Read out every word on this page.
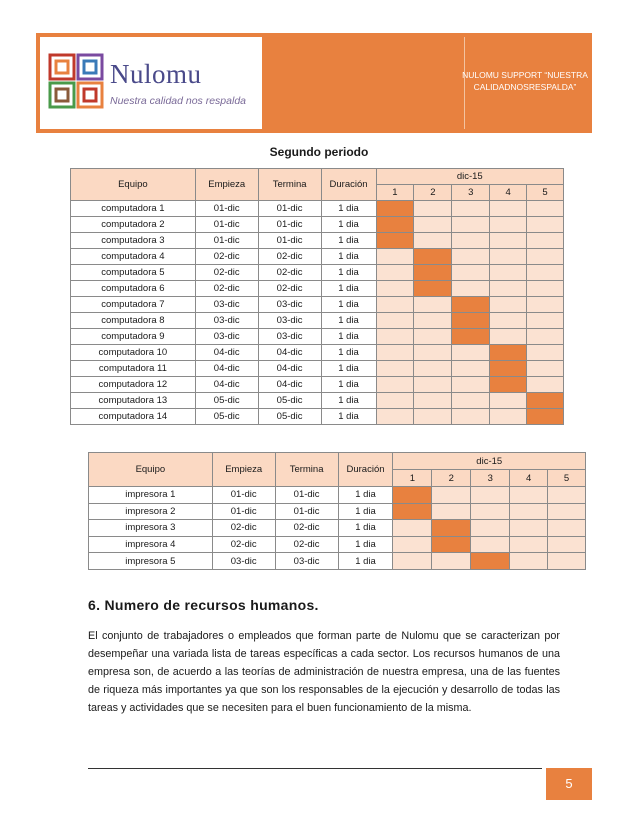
Nulomu
Nuestra calidad nos respalda
NULOMU SUPPORT “NUESTRA CALIDADNOSRESPALDA”
Segundo periodo
Equipo	Empieza	Termina	Duración	dic-15				
				1	2	3	4	5
computadora 1	01-dic	01-dic	1 dia					
computadora 2	01-dic	01-dic	1 dia					
computadora 3	01-dic	01-dic	1 dia					
computadora 4	02-dic	02-dic	1 dia					
computadora 5	02-dic	02-dic	1 dia					
computadora 6	02-dic	02-dic	1 dia					
computadora 7	03-dic	03-dic	1 dia					
computadora 8	03-dic	03-dic	1 dia					
computadora 9	03-dic	03-dic	1 dia					
computadora 10	04-dic	04-dic	1 dia					
computadora 11	04-dic	04-dic	1 dia					
computadora 12	04-dic	04-dic	1 dia					
computadora 13	05-dic	05-dic	1 dia					
computadora 14	05-dic	05-dic	1 dia					
Equipo	Empieza	Termina	Duración	dic-15				
				1	2	3	4	5
impresora 1	01-dic	01-dic	1 dia					
impresora 2	01-dic	01-dic	1 dia					
impresora 3	02-dic	02-dic	1 dia					
impresora 4	02-dic	02-dic	1 dia					
impresora 5	03-dic	03-dic	1 dia					
6. Numero de recursos humanos.
El conjunto de trabajadores o empleados que forman parte de Nulomu que se caracterizan por desempeñar una variada lista de tareas específicas a cada sector. Los recursos humanos de una empresa son, de acuerdo a las teorías de administración de nuestra empresa, una de las fuentes de riqueza más importantes ya que son los responsables de la ejecución y desarrollo de todas las tareas y actividades que se necesiten para el buen funcionamiento de la misma.
5
